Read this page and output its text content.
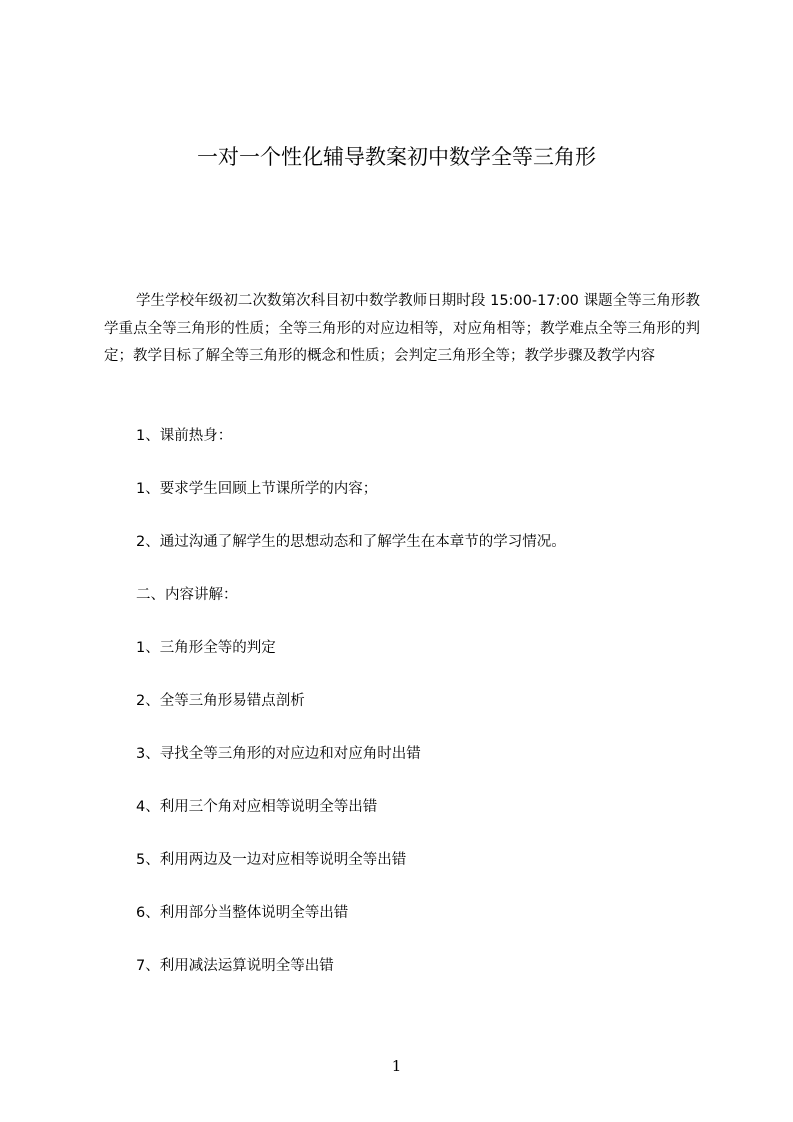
一对一个性化辅导教案初中数学全等三角形

学生学校年级初二次数第次科目初中数学教师日期时段 15:00-17:00 课题全等三角形教学重点全等三角形的性质；全等三角形的对应边相等，对应角相等；教学难点全等三角形的判定；教学目标了解全等三角形的概念和性质；会判定三角形全等；教学步骤及教学内容

1、课前热身：

1、要求学生回顾上节课所学的内容；

2、通过沟通了解学生的思想动态和了解学生在本章节的学习情况。

二、内容讲解：

1、三角形全等的判定

2、全等三角形易错点剖析

3、寻找全等三角形的对应边和对应角时出错

4、利用三个角对应相等说明全等出错

5、利用两边及一边对应相等说明全等出错

6、利用部分当整体说明全等出错

7、利用减法运算说明全等出错

1
